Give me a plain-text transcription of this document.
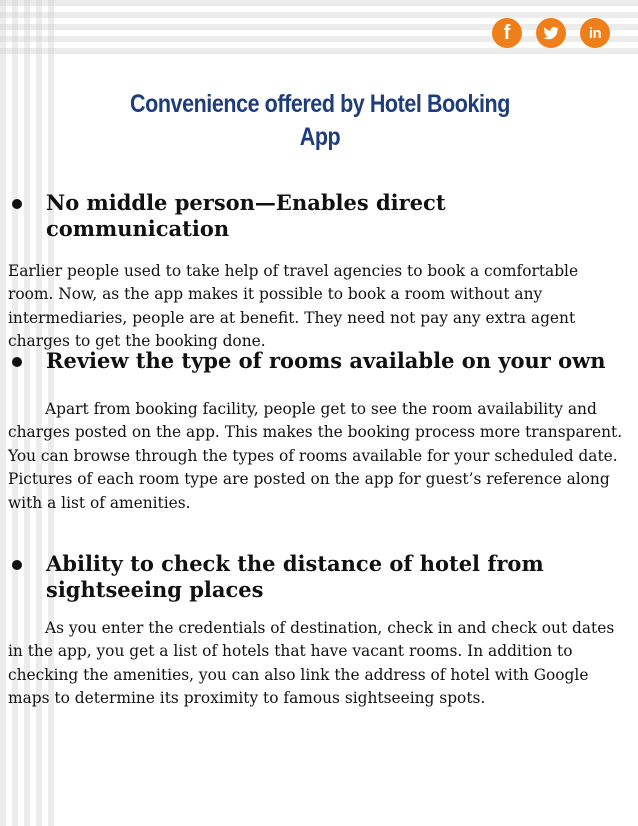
f	in
Convenience offered by Hotel Booking
App
No middle person—Enables direct communication

Earlier people used to take help of travel agencies to book a comfortable room. Now, as the app makes it possible to book a room without any intermediaries, people are at benefit. They need not pay any extra agent charges to get the booking done.

Review the type of rooms available on your own

Apart from booking facility, people get to see the room availability and charges posted on the app. This makes the booking process more transparent. You can browse through the types of rooms available for your scheduled date. Pictures of each room type are posted on the app for guest’s reference along with a list of amenities.

Ability to check the distance of hotel from sightseeing places

As you enter the credentials of destination, check in and check out dates in the app, you get a list of hotels that have vacant rooms. In addition to checking the amenities, you can also link the address of hotel with Google maps to determine its proximity to famous sightseeing spots.
